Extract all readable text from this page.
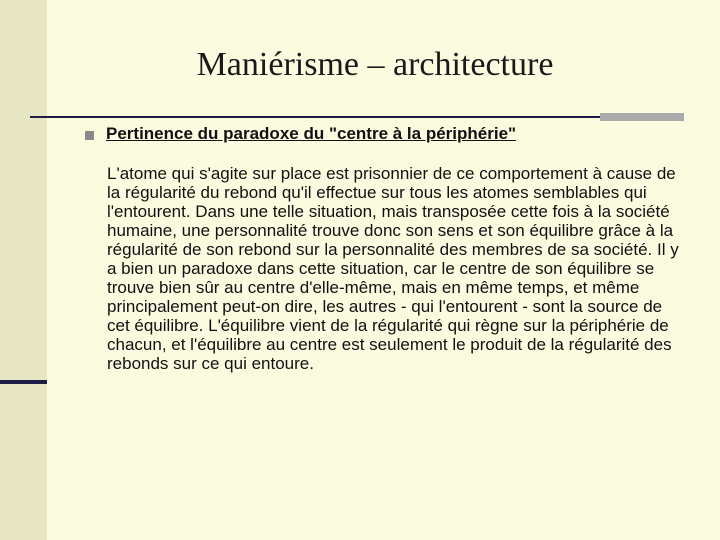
Maniérisme – architecture

Pertinence du paradoxe du "centre à la périphérie"

L'atome qui s'agite sur place est prisonnier de ce comportement à cause de la régularité du rebond qu'il effectue sur tous les atomes semblables qui l'entourent. Dans une telle situation, mais transposée cette fois à la société humaine, une personnalité trouve donc son sens et son équilibre grâce à la régularité de son rebond sur la personnalité des membres de sa société. Il y a bien un paradoxe dans cette situation, car le centre de son équilibre se trouve bien sûr au centre d'elle-même, mais en même temps, et même principalement peut-on dire, les autres - qui l'entourent - sont la source de cet équilibre. L'équilibre vient de la régularité qui règne sur la périphérie de chacun, et l'équilibre au centre est seulement le produit de la régularité des rebonds sur ce qui entoure.
